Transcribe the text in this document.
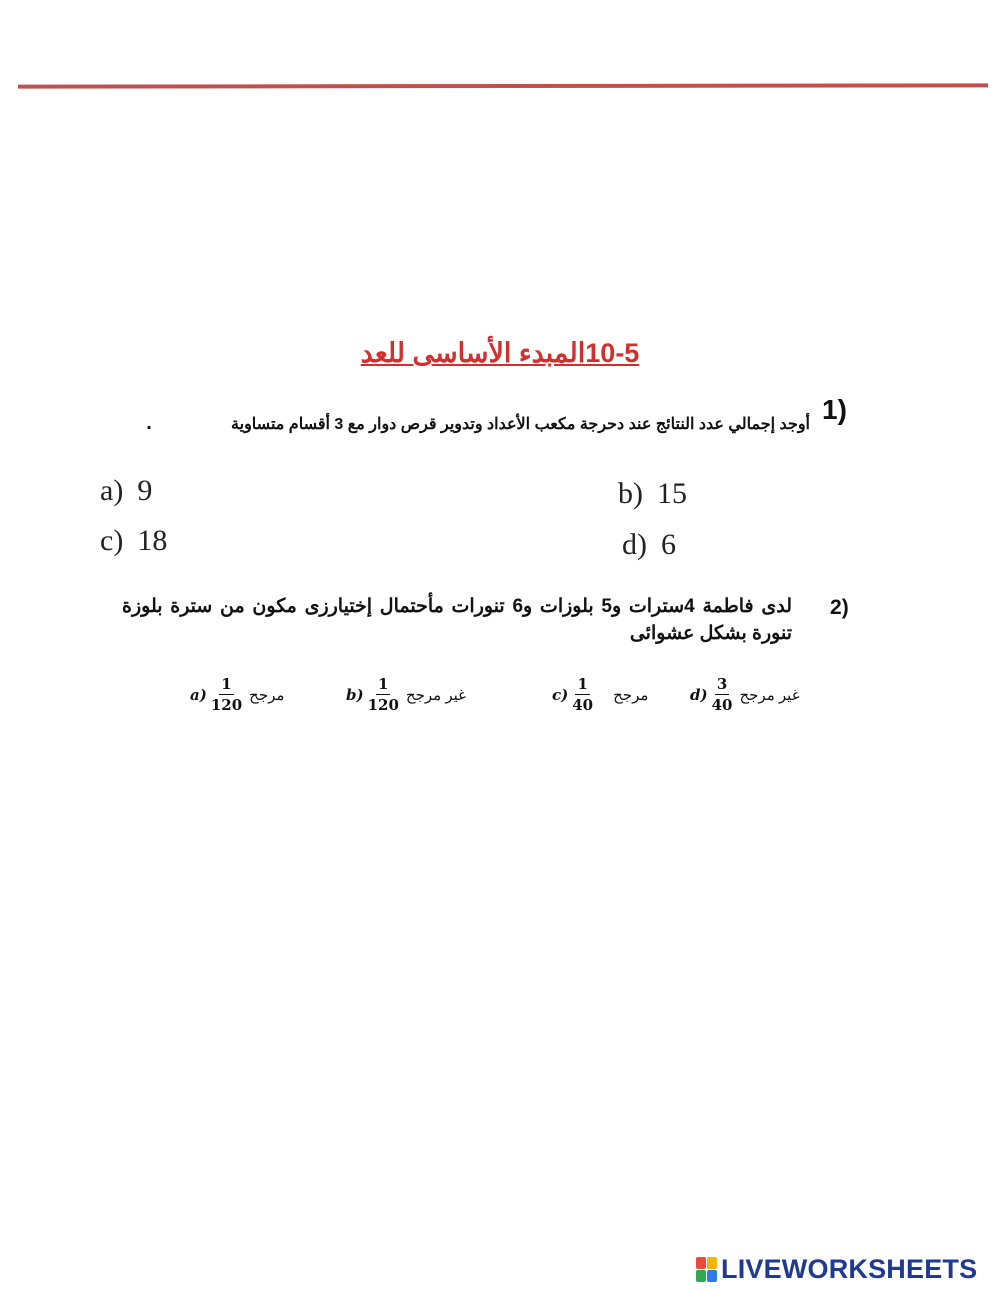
10-5المبدء الأساسى للعد
(1
أوجد إجمالي عدد النتائج عند دحرجة مكعب الأعداد وتدوير قرص دوار مع 3 أقسام متساوية
.
a) 9	b) 15
c) 18	d) 6
(2
لدى فاطمة 4سترات و5 بلوزات و6 تنورات مأحتمال إختيارزى مكون من سترة بلوزة تنورة بشكل عشوائى
$a) \frac{1}{120}$ مرجح	$b) \frac{1}{120}$ غير مرجح	$c) \frac{1}{40}$ مرجح	$d) \frac{3}{40}$ غير مرجح
LIVEWORKSHEETS
